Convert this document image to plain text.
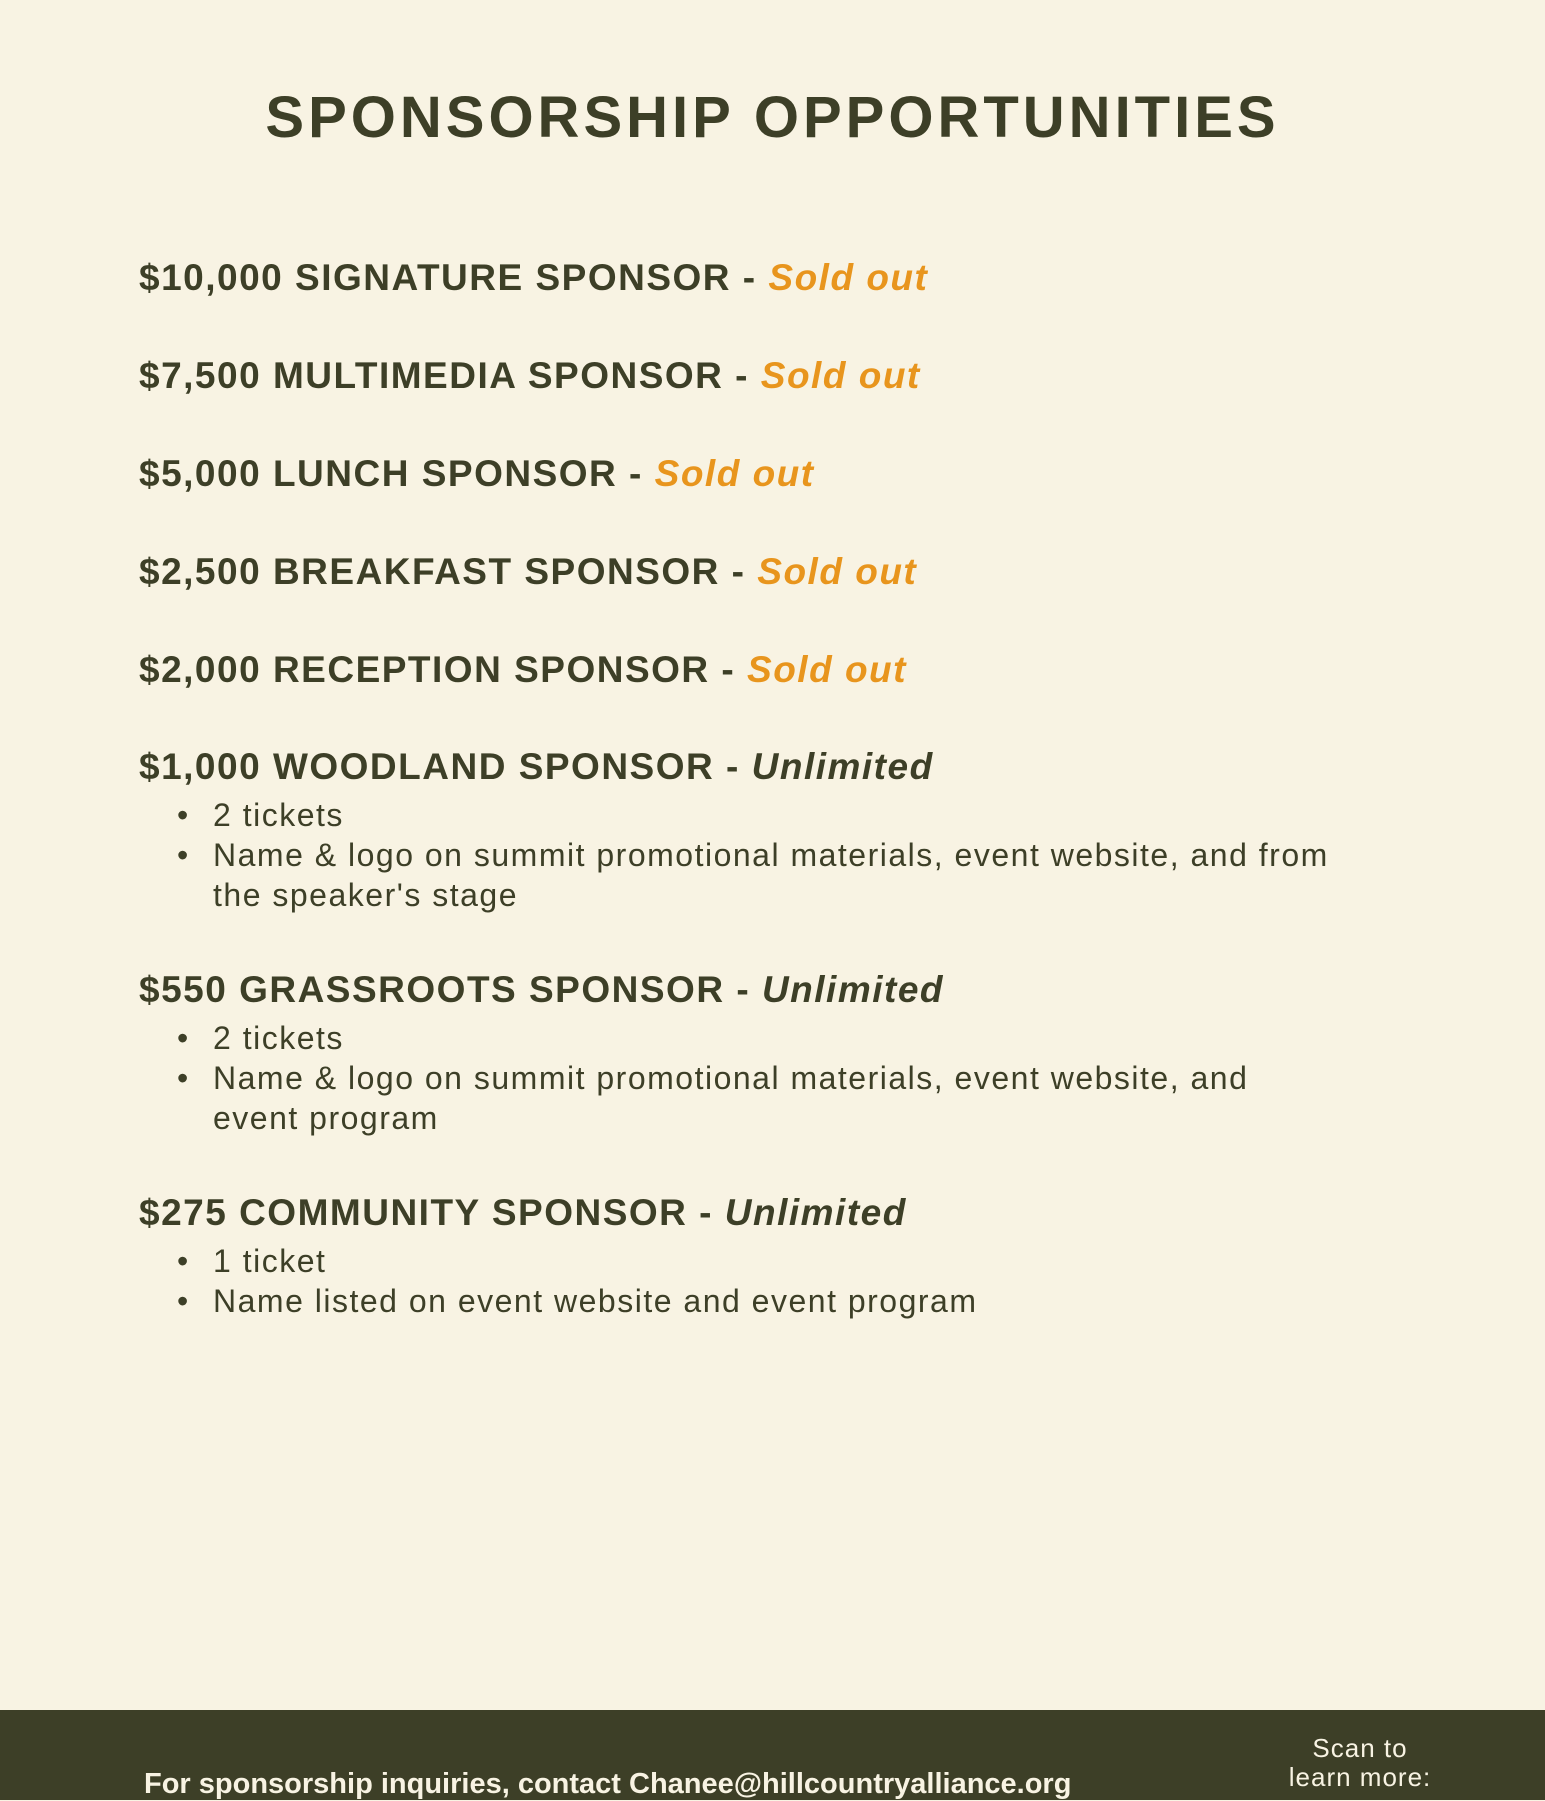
SPONSORSHIP OPPORTUNITIES
$10,000 SIGNATURE SPONSOR - Sold out
$7,500 MULTIMEDIA SPONSOR - Sold out
$5,000 LUNCH SPONSOR - Sold out
$2,500 BREAKFAST SPONSOR - Sold out
$2,000 RECEPTION SPONSOR - Sold out
$1,000 WOODLAND SPONSOR - Unlimited
• 2 tickets
• Name & logo on summit promotional materials, event website, and from the speaker's stage
$550 GRASSROOTS SPONSOR - Unlimited
• 2 tickets
• Name & logo on summit promotional materials, event website, and event program
$275 COMMUNITY SPONSOR - Unlimited
• 1 ticket
• Name listed on event website and event program
For sponsorship inquiries, contact Chanee@hillcountryalliance.org
Scan to
learn more:
